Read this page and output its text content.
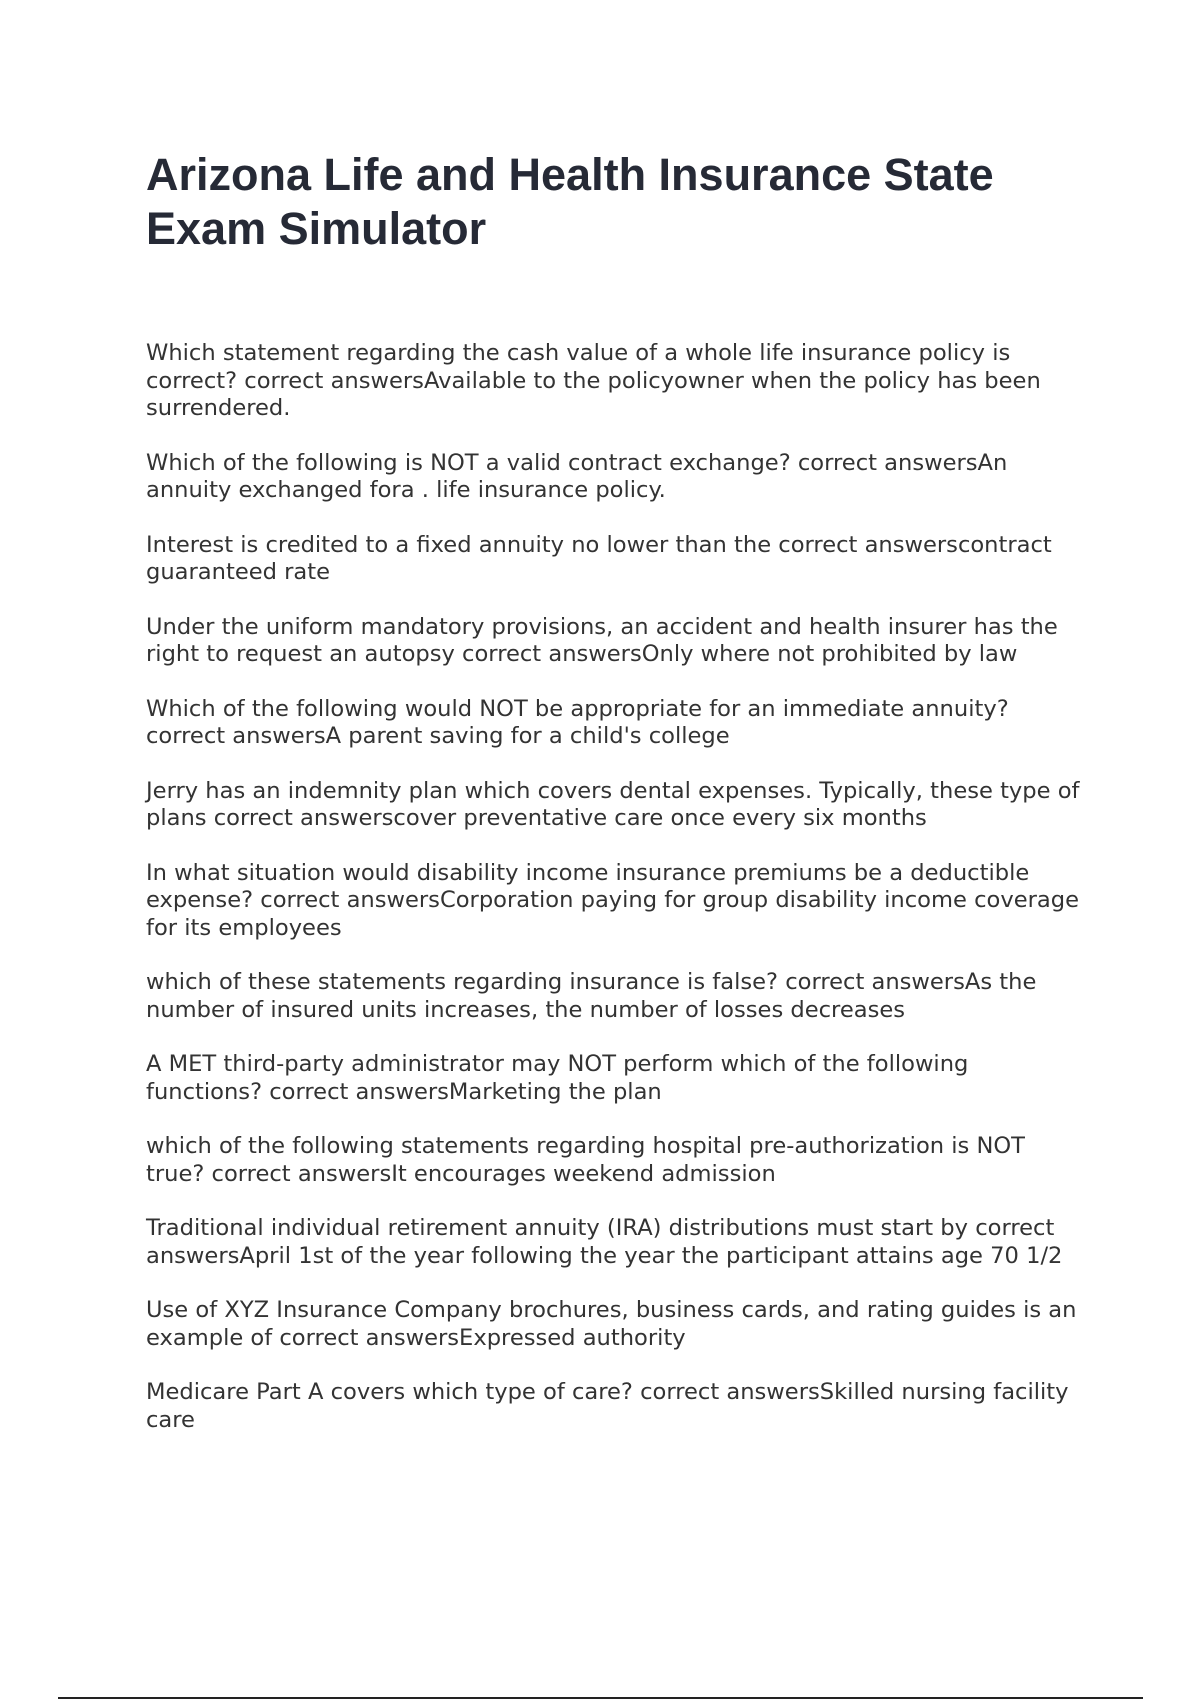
Arizona Life and Health Insurance State Exam Simulator
Which statement regarding the cash value of a whole life insurance policy is correct? correct answersAvailable to the policyowner when the policy has been surrendered.
Which of the following is NOT a valid contract exchange? correct answersAn annuity exchanged fora . life insurance policy.
Interest is credited to a fixed annuity no lower than the correct answerscontract guaranteed rate
Under the uniform mandatory provisions, an accident and health insurer has the right to request an autopsy correct answersOnly where not prohibited by law
Which of the following would NOT be appropriate for an immediate annuity? correct answersA parent saving for a child's college
Jerry has an indemnity plan which covers dental expenses. Typically, these type of plans correct answerscover preventative care once every six months
In what situation would disability income insurance premiums be a deductible expense? correct answersCorporation paying for group disability income coverage for its employees
which of these statements regarding insurance is false? correct answersAs the number of insured units increases, the number of losses decreases
A MET third-party administrator may NOT perform which of the following functions? correct answersMarketing the plan
which of the following statements regarding hospital pre-authorization is NOT true? correct answersIt encourages weekend admission
Traditional individual retirement annuity (IRA) distributions must start by correct answersApril 1st of the year following the year the participant attains age 70 1/2
Use of XYZ Insurance Company brochures, business cards, and rating guides is an example of correct answersExpressed authority
Medicare Part A covers which type of care? correct answersSkilled nursing facility care
